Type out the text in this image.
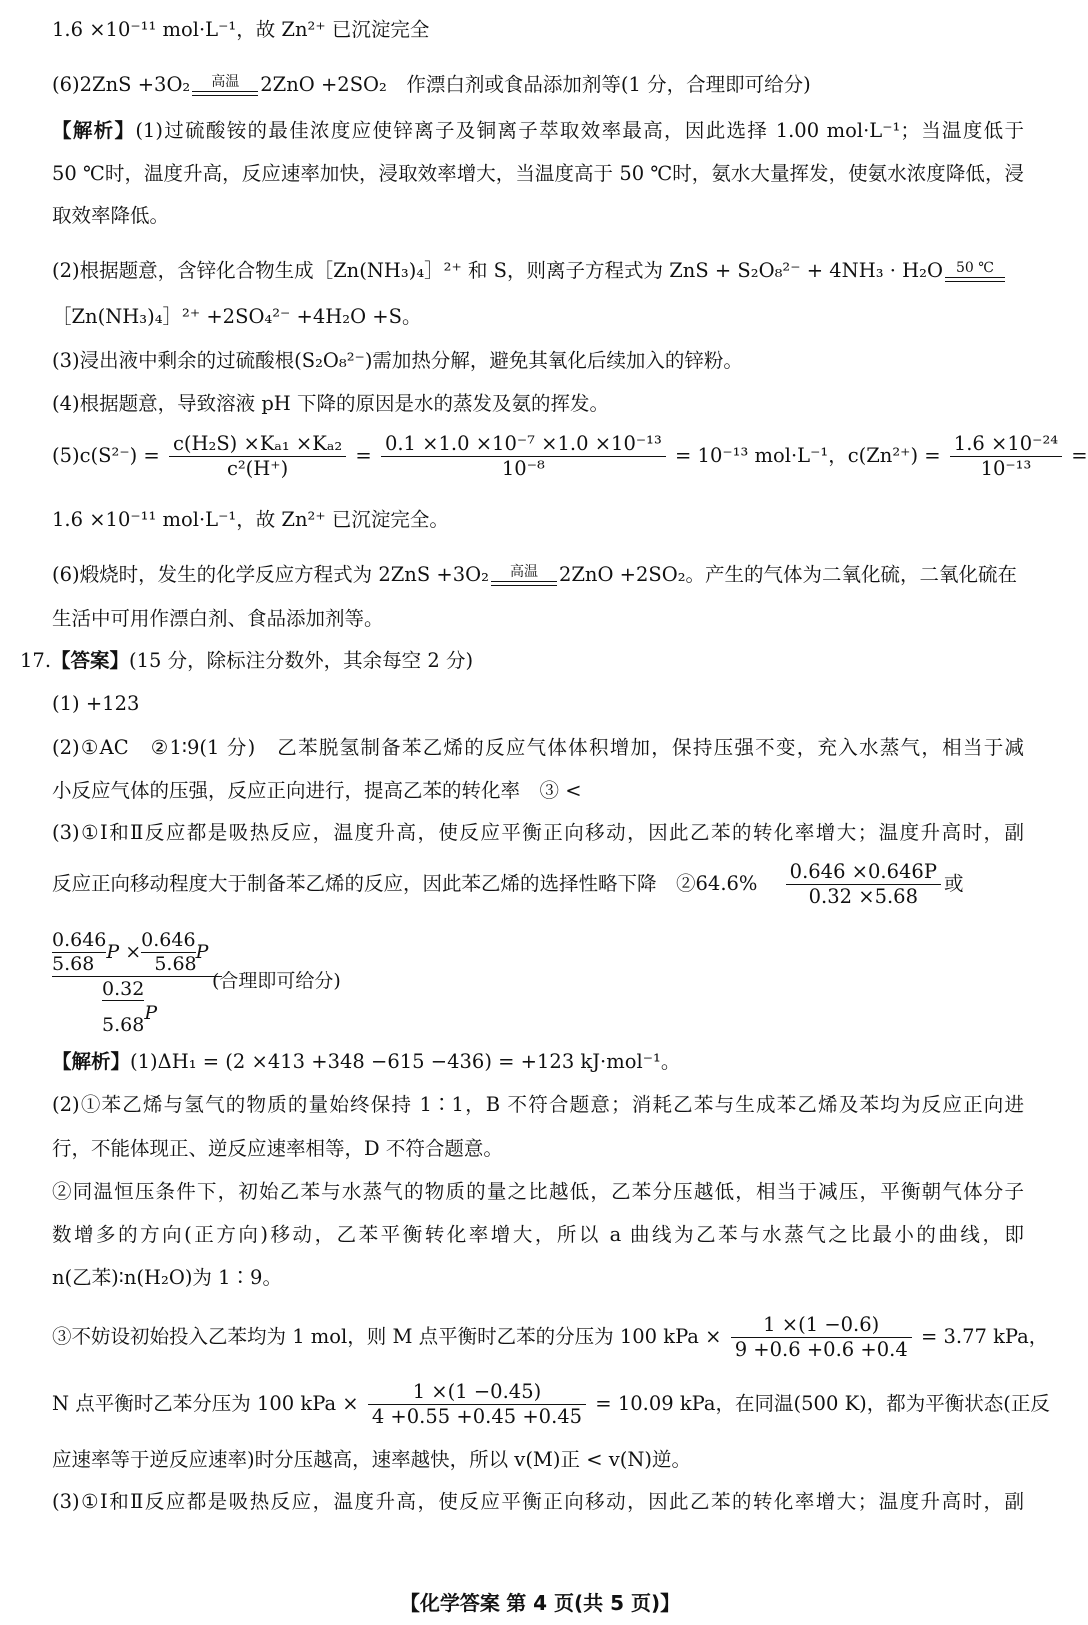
1.6 ×10⁻¹¹ mol·L⁻¹，故 Zn²⁺ 已沉淀完全
(6)2ZnS +3O₂	高温	2ZnO +2SO₂　作漂白剂或食品添加剂等(1 分，合理即可给分)
【解析】(1)过硫酸铵的最佳浓度应使锌离子及铜离子萃取效率最高，因此选择 1.00 mol·L⁻¹；当温度低于
50 ℃时，温度升高，反应速率加快，浸取效率增大，当温度高于 50 ℃时，氨水大量挥发，使氨水浓度降低，浸
取效率降低。
(2)根据题意，含锌化合物生成［Zn(NH₃)₄］²⁺ 和 S，则离子方程式为 ZnS + S₂O₈²⁻ + 4NH₃ · H₂O 50 ℃
［Zn(NH₃)₄］²⁺ +2SO₄²⁻ +4H₂O +S。
(3)浸出液中剩余的过硫酸根(S₂O₈²⁻)需加热分解，避免其氧化后续加入的锌粉。
(4)根据题意，导致溶液 pH 下降的原因是水的蒸发及氨的挥发。
$(5)c(S^{2-}) = \frac{\text{c(H₂S) ×Kₐ₁ ×Kₐ₂}}{\text{c²(H⁺)}} = \frac{\text{0.1 ×1.0 ×10⁻⁷ ×1.0 ×10⁻¹³}}{\text{10⁻⁸}} = 10^{-13}$ mol·L⁻¹，$c(Zn^{2+}) = \frac{\text{1.6 ×10⁻²⁴}}{\text{10⁻¹³}}$ =
1.6 ×10⁻¹¹ mol·L⁻¹，故 Zn²⁺ 已沉淀完全。
(6)煅烧时，发生的化学反应方程式为 2ZnS +3O₂	高温	2ZnO +2SO₂。产生的气体为二氧化硫，二氧化硫在
生活中可用作漂白剂、食品添加剂等。
17.【答案】(15 分，除标注分数外，其余每空 2 分)
(1) +123
(2)①AC　②1∶9(1 分)　乙苯脱氢制备苯乙烯的反应气体体积增加，保持压强不变，充入水蒸气，相当于减
小反应气体的压强，反应正向进行，提高乙苯的转化率　③ <
(3)①Ⅰ和Ⅱ反应都是吸热反应，温度升高，使反应平衡正向移动，因此乙苯的转化率增大；温度升高时，副
反应正向移动程度大于制备苯乙烯的反应，因此苯乙烯的选择性略下降　②64.6% $\frac{0.646 \times 0.646P}{0.32 \times 5.68}$ 或
0.646P ×0.646P
5.68	5.68
0.32
5.68P
(合理即可给分)
【解析】(1)ΔH₁ = (2 ×413 +348 −615 −436) = +123 kJ·mol⁻¹。
(2)①苯乙烯与氢气的物质的量始终保持 1∶1，B 不符合题意；消耗乙苯与生成苯乙烯及苯均为反应正向进
行，不能体现正、逆反应速率相等，D 不符合题意。
②同温恒压条件下，初始乙苯与水蒸气的物质的量之比越低，乙苯分压越低，相当于减压，平衡朝气体分子
数增多的方向(正方向)移动，乙苯平衡转化率增大，所以 a 曲线为乙苯与水蒸气之比最小的曲线，即
n(乙苯)∶n(H₂O)为 1∶9。
③不妨设初始投入乙苯均为 1 mol，则 M 点平衡时乙苯的分压为 100 kPa × $\frac{1 \times(1 -0.6)}{9 +0.6 +0.6 +0.4} = 3.77$ kPa，
N 点平衡时乙苯分压为 100 kPa × $\frac{1 \times(1 -0.45)}{4 +0.55 +0.45 +0.45} = 10.09$ kPa，在同温(500 K)，都为平衡状态(正反
应速率等于逆反应速率)时分压越高，速率越快，所以 v(M)正 < v(N)逆。
(3)①Ⅰ和Ⅱ反应都是吸热反应，温度升高，使反应平衡正向移动，因此乙苯的转化率增大；温度升高时，副
【化学答案 第 4 页(共 5 页)】
